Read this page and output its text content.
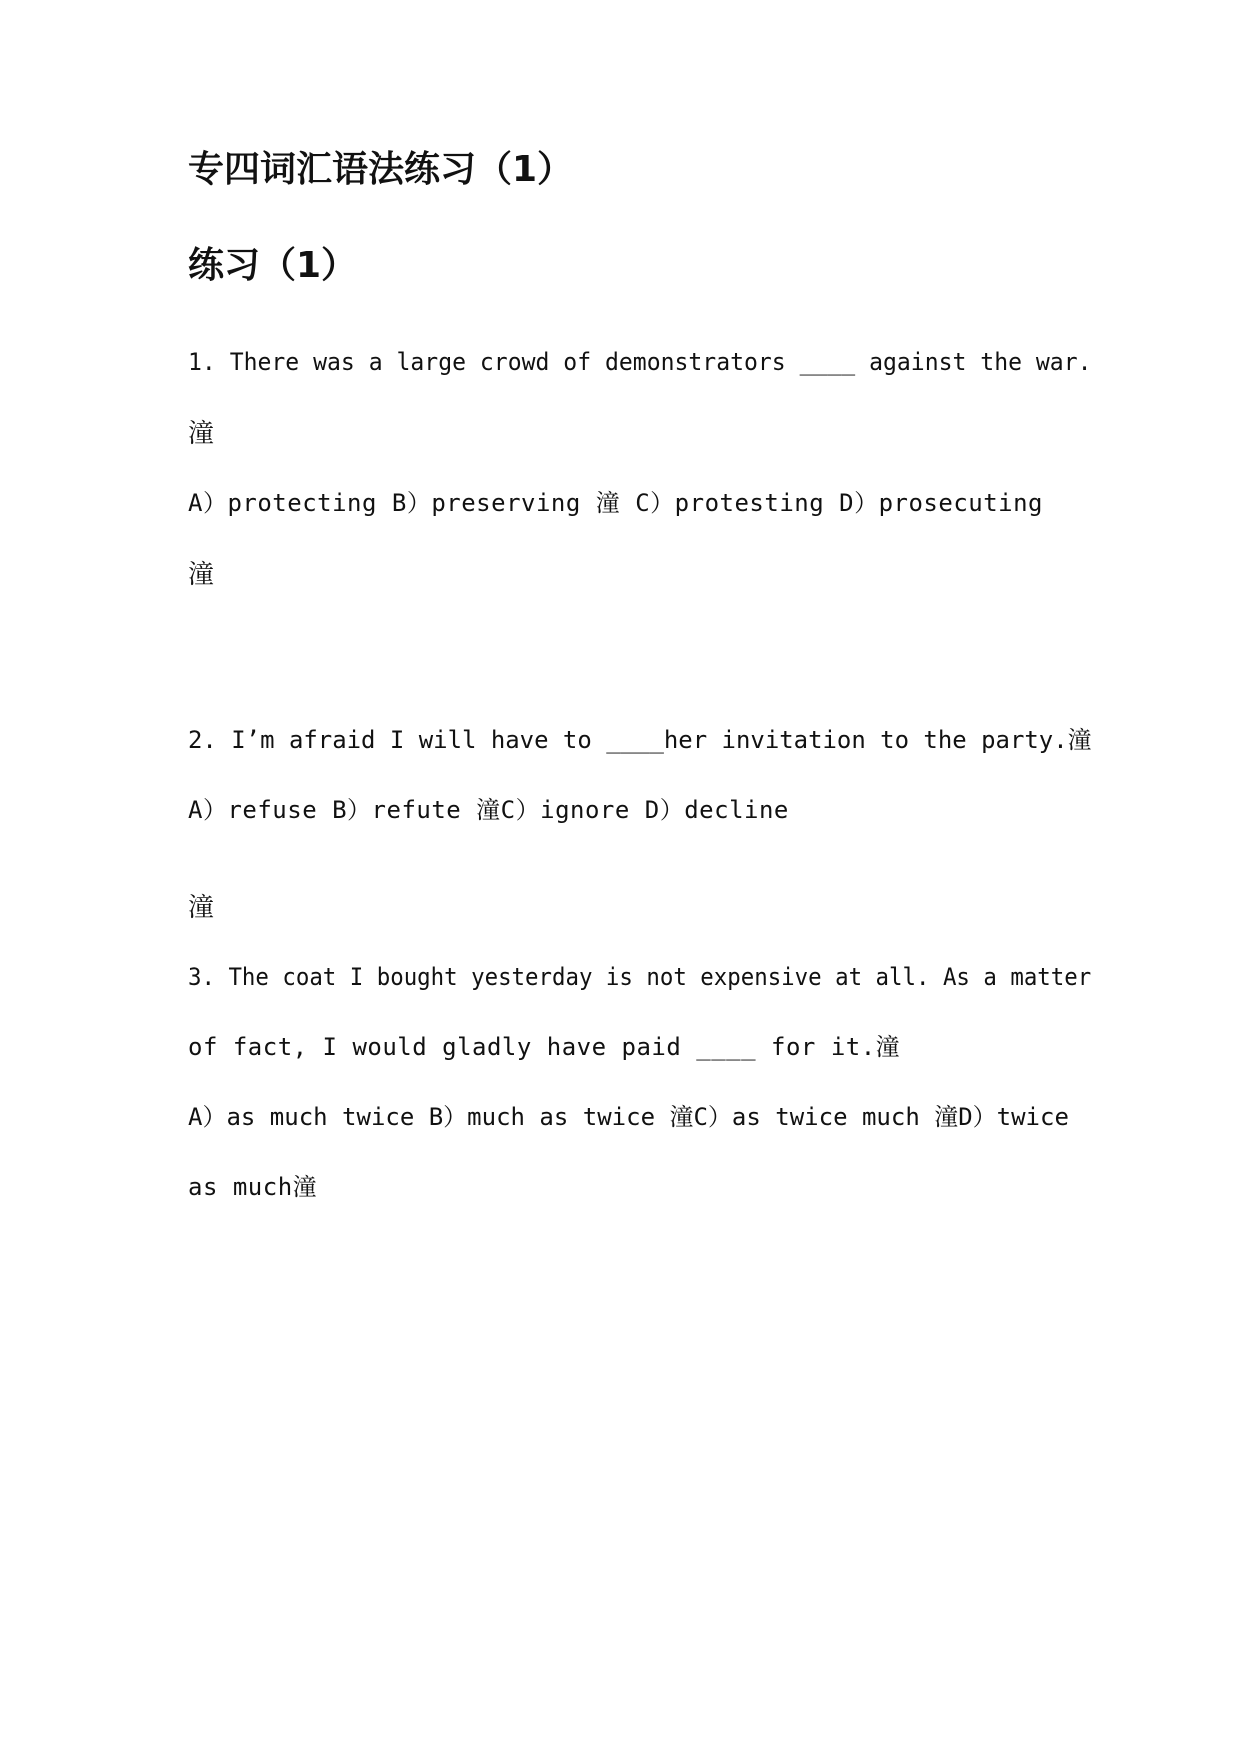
专四词汇语法练习（1）
练习（1）
1. There was a large crowd of demonstrators ____ against the war.
潼
A）protecting B）preserving 潼 C）protesting D）prosecuting
潼
2. I’m afraid I will have to ____her invitation to the party.潼
A）refuse B）refute 潼C）ignore D）decline
潼
3. The coat I bought yesterday is not expensive at all. As a matter
of fact, I would gladly have paid ____ for it.潼
A）as much twice B）much as twice 潼C）as twice much 潼D）twice
as much潼
